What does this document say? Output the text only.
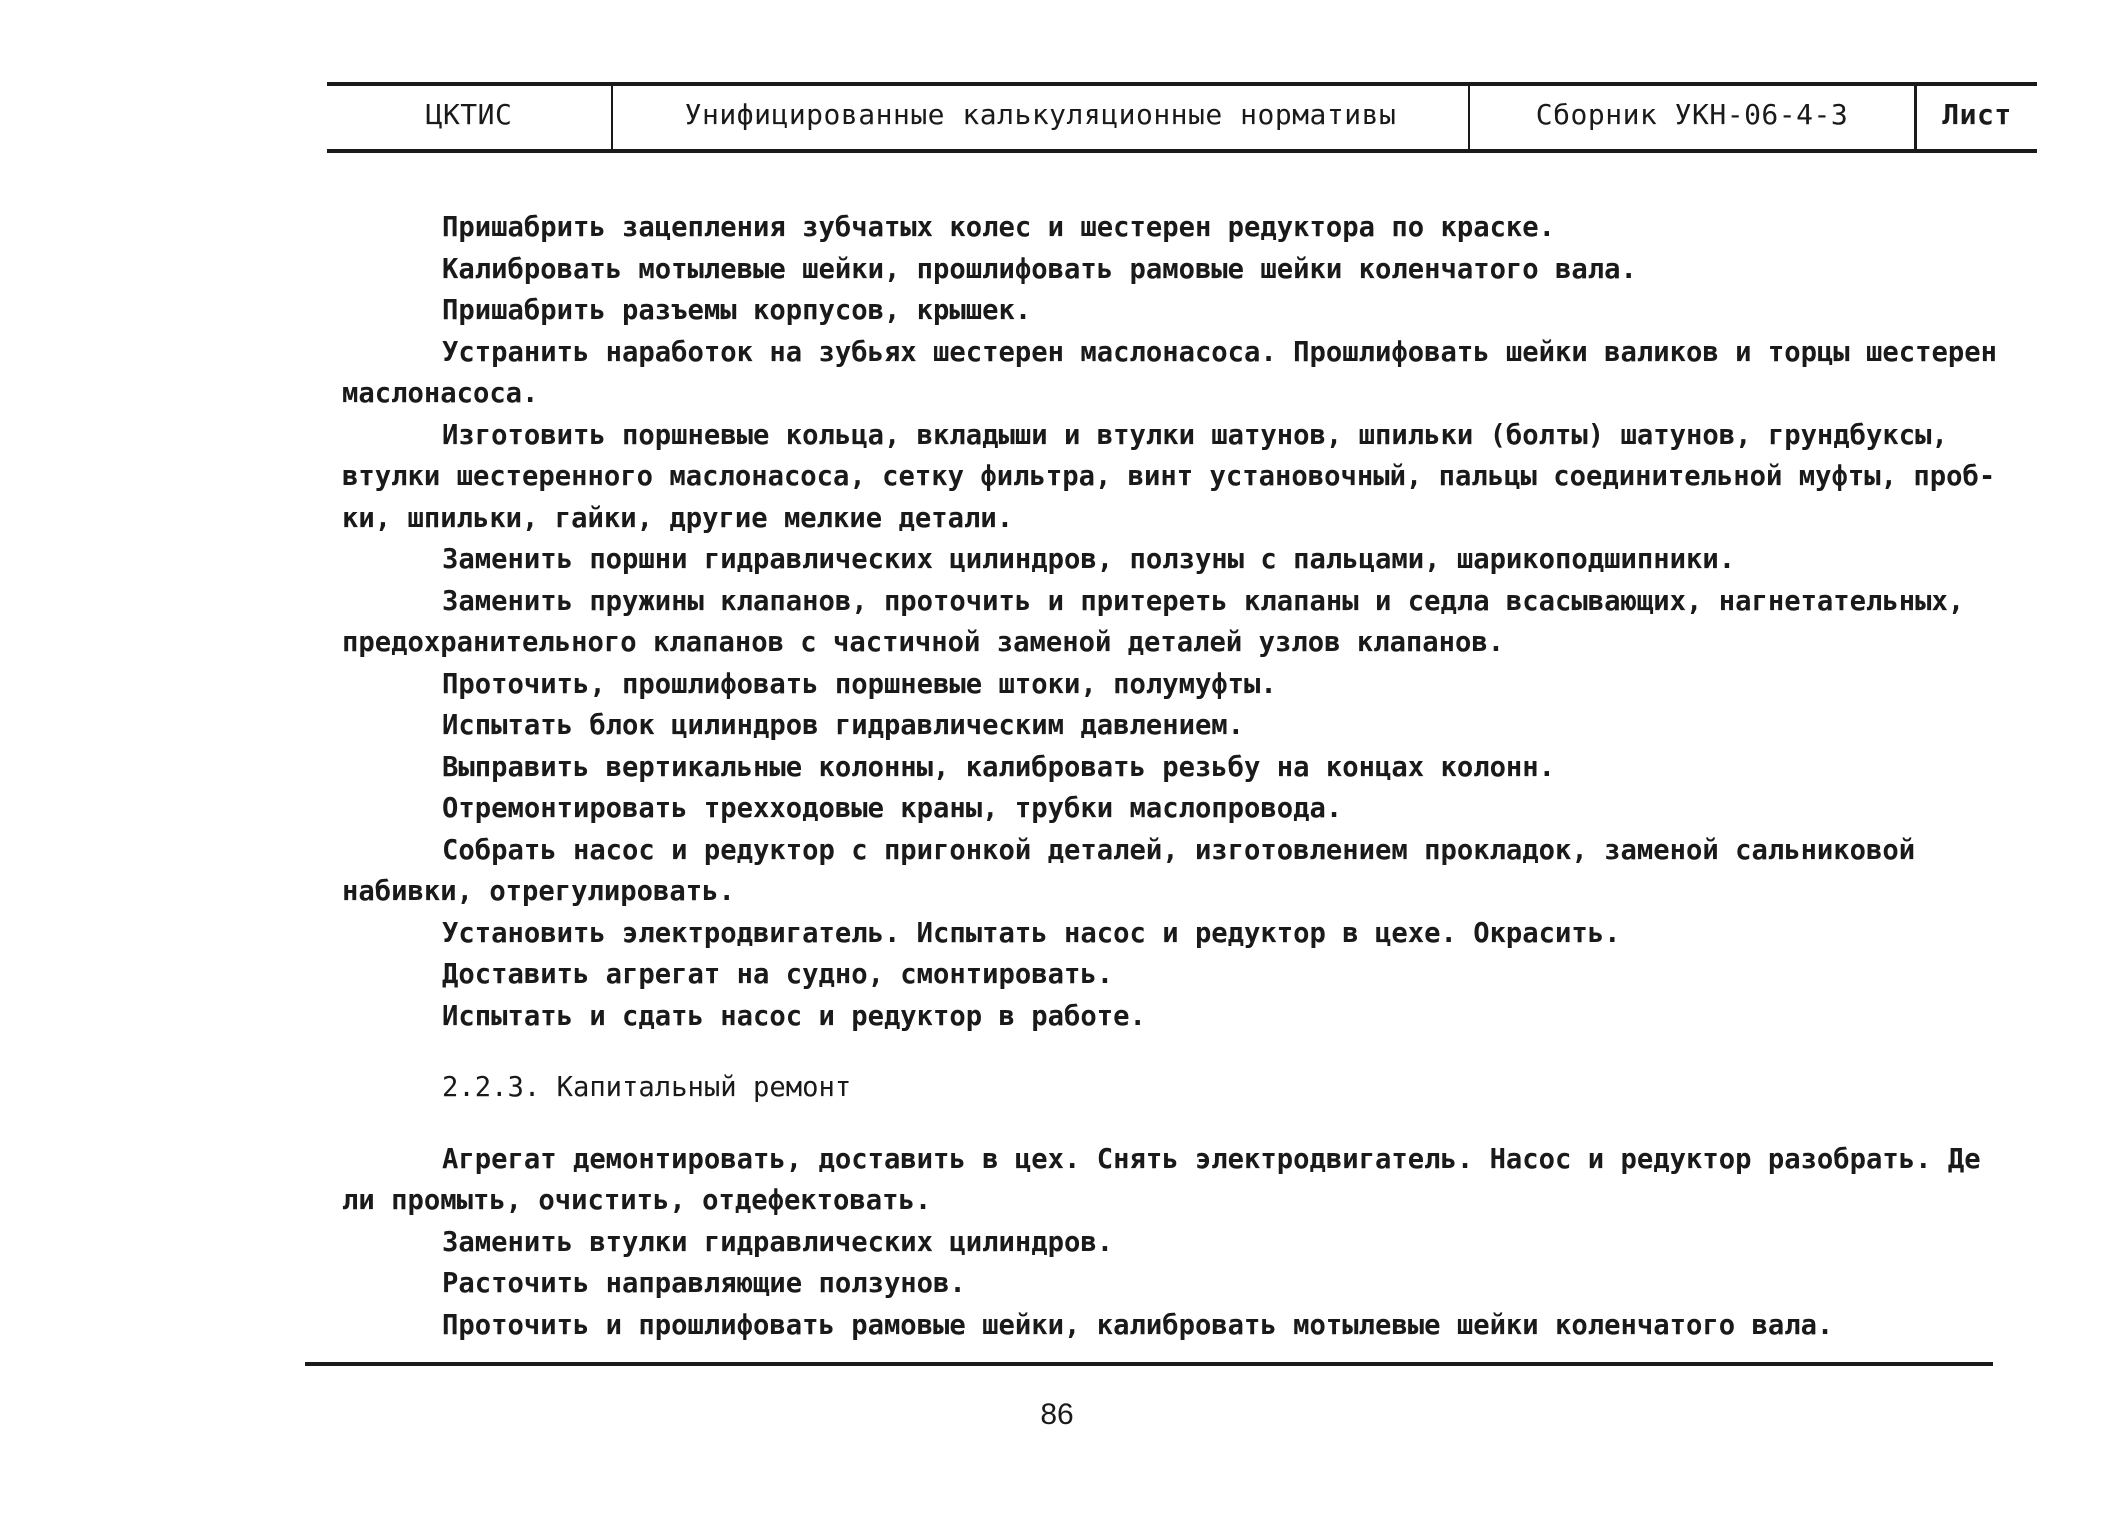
ЦКТИС	Унифицированные калькуляционные нормативы	Сборник УКН-06-4-3	Лист
Пришабрить зацепления зубчатых колес и шестерен редуктора по краске.
Калибровать мотылевые шейки, прошлифовать рамовые шейки коленчатого вала.
Пришабрить разъемы корпусов, крышек.
Устранить наработок на зубьях шестерен маслонасоса. Прошлифовать шейки валиков и торцы шестерен
маслонасоса.
Изготовить поршневые кольца, вкладыши и втулки шатунов, шпильки (болты) шатунов, грундбуксы,
втулки шестеренного маслонасоса, сетку фильтра, винт установочный, пальцы соединительной муфты, проб-
ки, шпильки, гайки, другие мелкие детали.
Заменить поршни гидравлических цилиндров, ползуны с пальцами, шарикоподшипники.
Заменить пружины клапанов, проточить и притереть клапаны и седла всасывающих, нагнетательных,
предохранительного клапанов с частичной заменой деталей узлов клапанов.
Проточить, прошлифовать поршневые штоки, полумуфты.
Испытать блок цилиндров гидравлическим давлением.
Выправить вертикальные колонны, калибровать резьбу на концах колонн.
Отремонтировать трехходовые краны, трубки маслопровода.
Собрать насос и редуктор с пригонкой деталей, изготовлением прокладок, заменой сальниковой
набивки, отрегулировать.
Установить электродвигатель. Испытать насос и редуктор в цехе. Окрасить.
Доставить агрегат на судно, смонтировать.
Испытать и сдать насос и редуктор в работе.
2.2.3. Капитальный ремонт
Агрегат демонтировать, доставить в цех. Снять электродвигатель. Насос и редуктор разобрать. Де
ли промыть, очистить, отдефектовать.
Заменить втулки гидравлических цилиндров.
Расточить направляющие ползунов.
Проточить и прошлифовать рамовые шейки, калибровать мотылевые шейки коленчатого вала.
86
